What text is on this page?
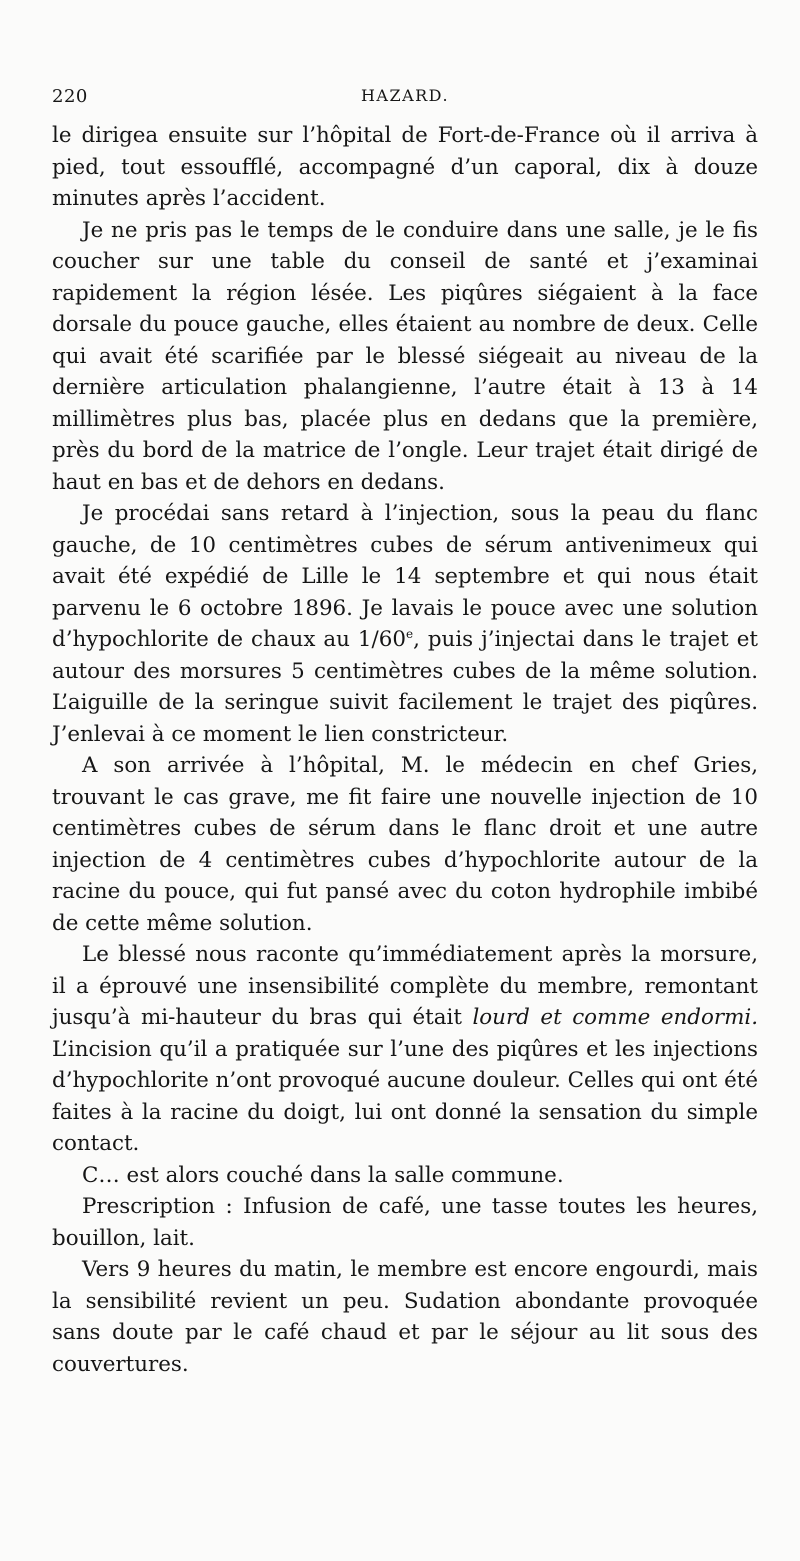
220	HAZARD.

le dirigea ensuite sur l’hôpital de Fort-de-France où il arriva à pied, tout essoufflé, accompagné d’un caporal, dix à douze minutes après l’accident.

Je ne pris pas le temps de le conduire dans une salle, je le fis coucher sur une table du conseil de santé et j’examinai rapidement la région lésée. Les piqûres siégaient à la face dorsale du pouce gauche, elles étaient au nombre de deux. Celle qui avait été scarifiée par le blessé siégeait au niveau de la dernière articulation phalangienne, l’autre était à 13 à 14 millimètres plus bas, placée plus en dedans que la première, près du bord de la matrice de l’ongle. Leur trajet était dirigé de haut en bas et de dehors en dedans.

Je procédai sans retard à l’injection, sous la peau du flanc gauche, de 10 centimètres cubes de sérum antivenimeux qui avait été expédié de Lille le 14 septembre et qui nous était parvenu le 6 octobre 1896. Je lavais le pouce avec une solution d’hypochlorite de chaux au 1/60e, puis j’injectai dans le trajet et autour des morsures 5 centimètres cubes de la même solution. L’aiguille de la seringue suivit facilement le trajet des piqûres. J’enlevai à ce moment le lien constricteur.

A son arrivée à l’hôpital, M. le médecin en chef Gries, trouvant le cas grave, me fit faire une nouvelle injection de 10 centimètres cubes de sérum dans le flanc droit et une autre injection de 4 centimètres cubes d’hypochlorite autour de la racine du pouce, qui fut pansé avec du coton hydrophile imbibé de cette même solution.

Le blessé nous raconte qu’immédiatement après la morsure, il a éprouvé une insensibilité complète du membre, remontant jusqu’à mi-hauteur du bras qui était lourd et comme endormi. L’incision qu’il a pratiquée sur l’une des piqûres et les injections d’hypochlorite n’ont provoqué aucune douleur. Celles qui ont été faites à la racine du doigt, lui ont donné la sensation du simple contact.

C… est alors couché dans la salle commune.

Prescription : Infusion de café, une tasse toutes les heures, bouillon, lait.

Vers 9 heures du matin, le membre est encore engourdi, mais la sensibilité revient un peu. Sudation abondante provoquée sans doute par le café chaud et par le séjour au lit sous des couvertures.
